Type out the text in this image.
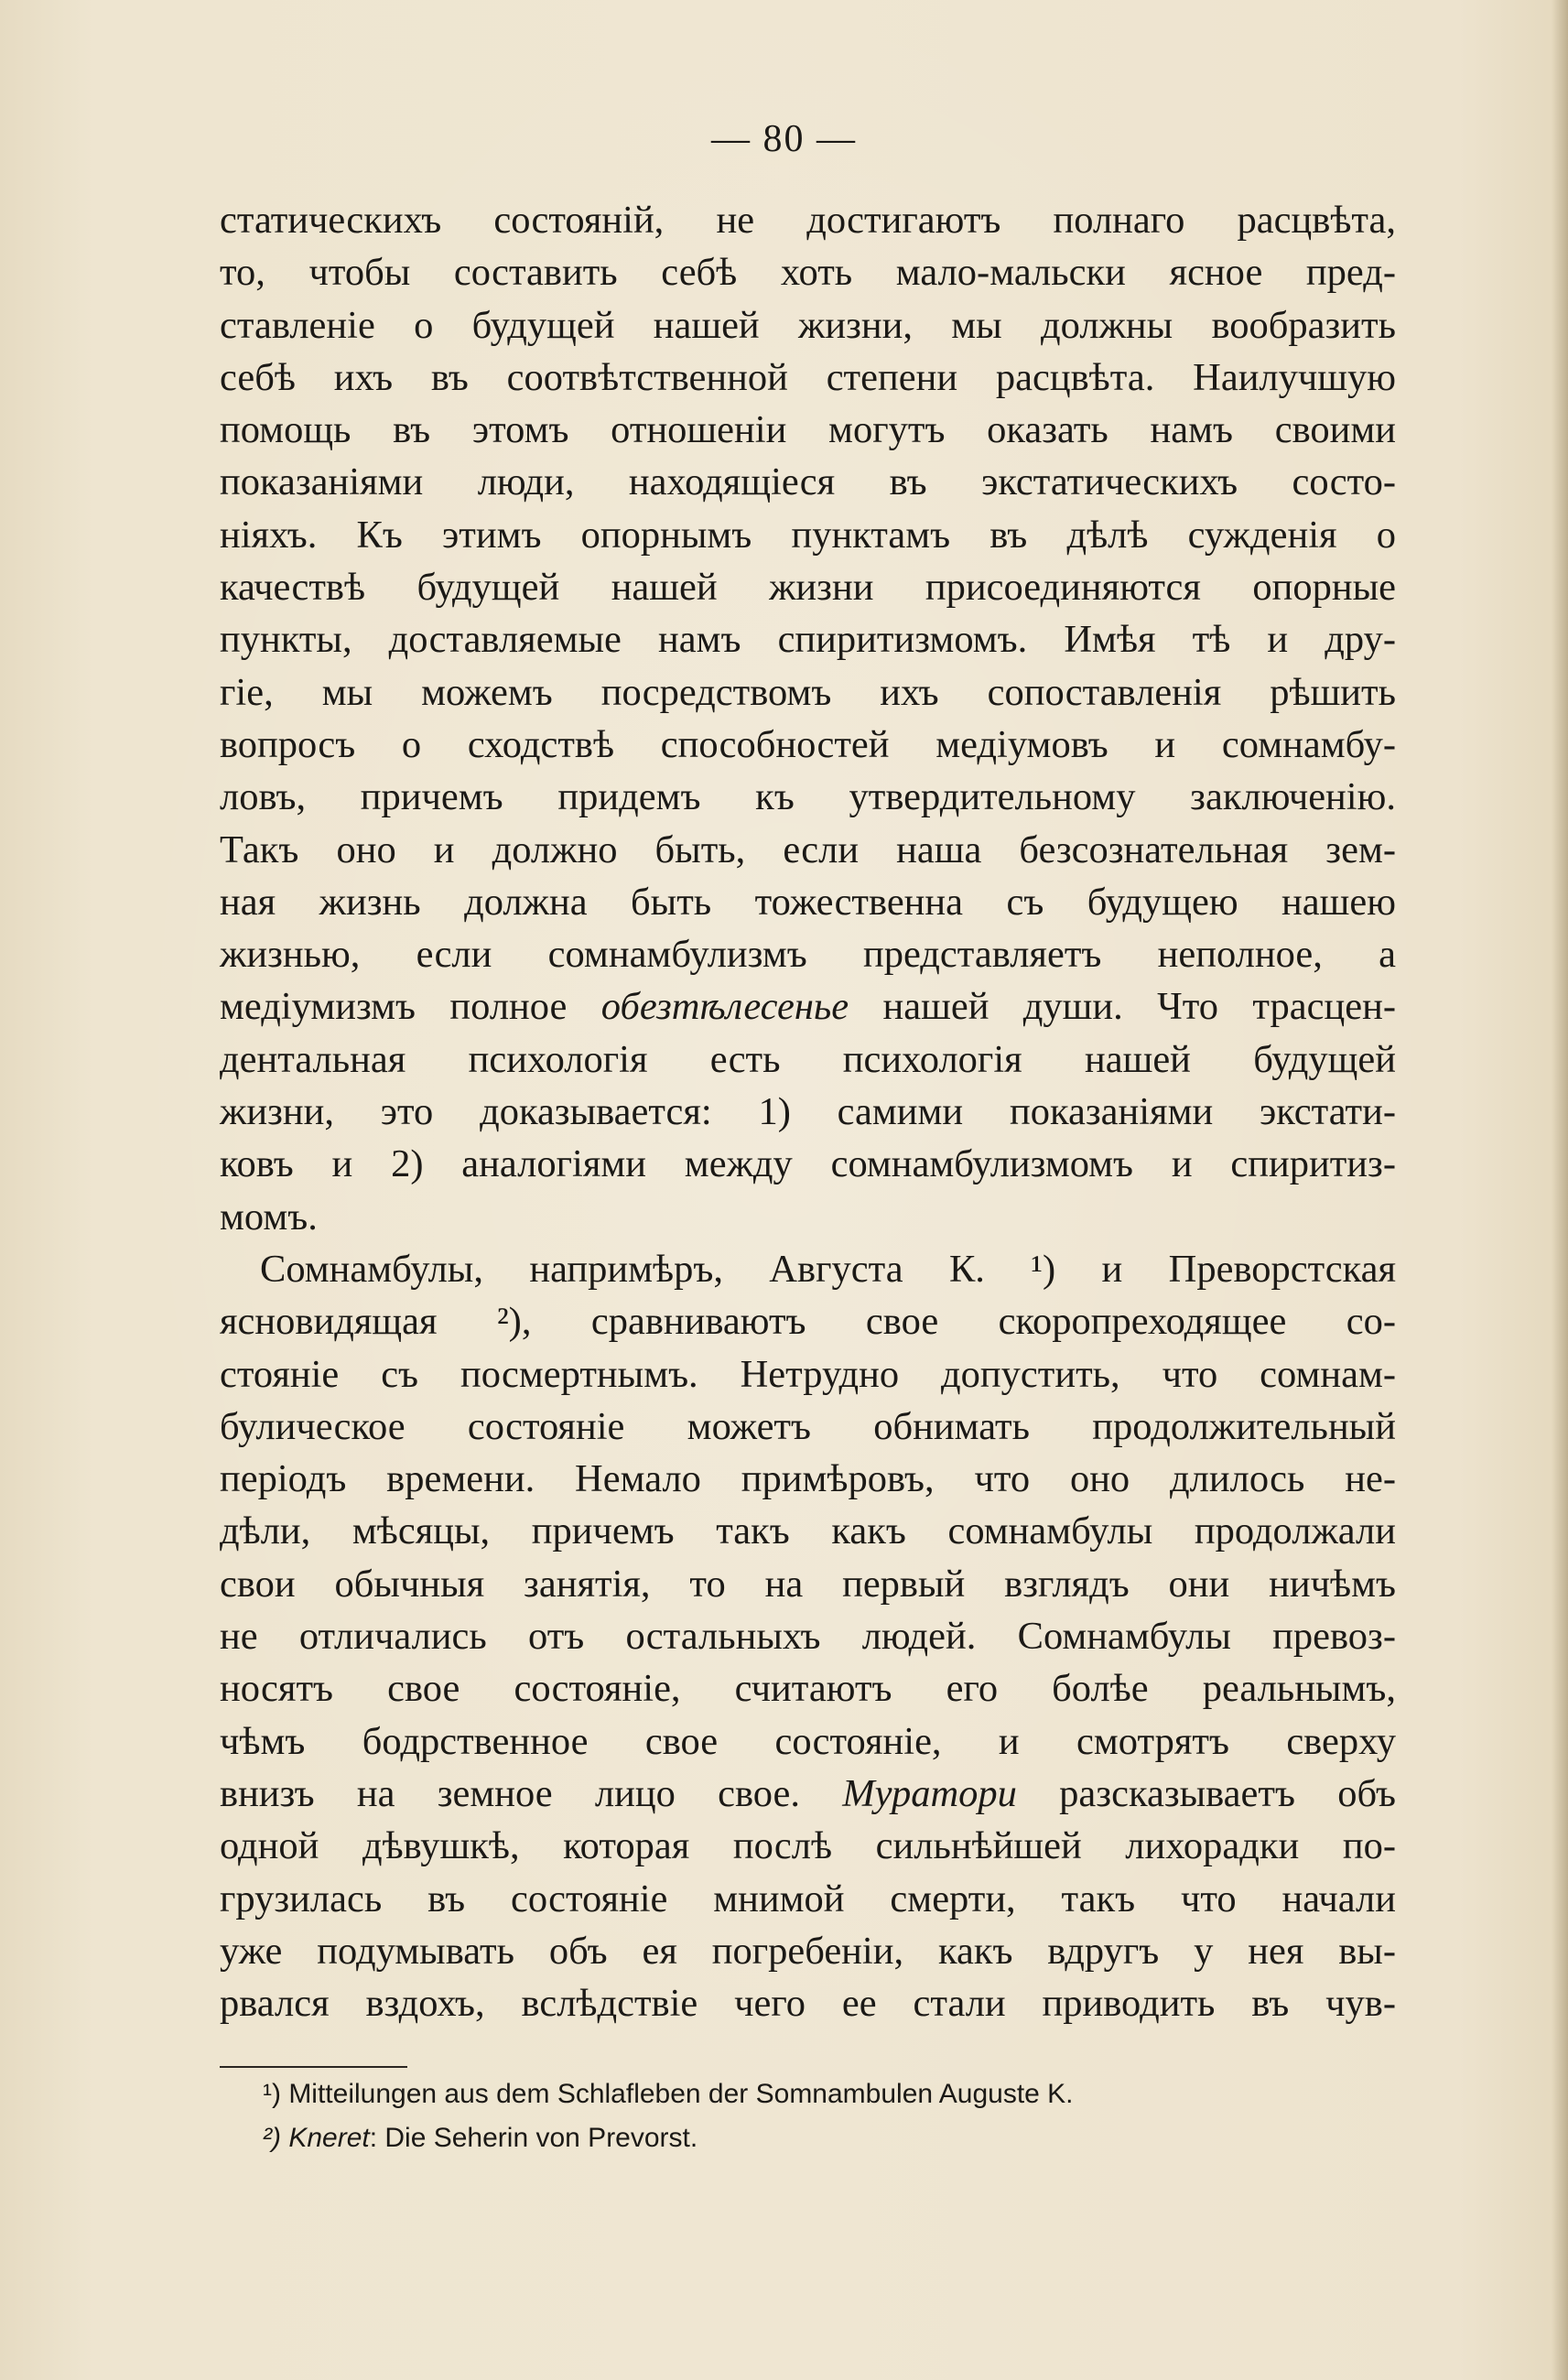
— 80 —
статическихъ состоянiй, не достигаютъ полнаго расцвѣта,
то, чтобы составить себѣ хоть мало-мальски ясное пред-
ставленiе о будущей нашей жизни, мы должны вообразить
себѣ ихъ въ соотвѣтственной степени расцвѣта. Наилучшую
помощь въ этомъ отношенiи могутъ оказать намъ своими
показанiями люди, находящiеся въ экстатическихъ состо-
нiяхъ. Къ этимъ опорнымъ пунктамъ въ дѣлѣ сужденiя о
качествѣ будущей нашей жизни присоединяются опорные
пункты, доставляемые намъ спиритизмомъ. Имѣя тѣ и дру-
гiе, мы можемъ посредствомъ ихъ сопоставленiя рѣшить
вопросъ о сходствѣ способностей медiумовъ и сомнамбу-
ловъ, причемъ придемъ къ утвердительному заключенiю.
Такъ оно и должно быть, если наша безсознательная зем-
ная жизнь должна быть тожественна съ будущею нашею
жизнью, если сомнамбулизмъ представляетъ неполное, а
медiумизмъ полное обезтѣлесенье нашей души. Что трасцен-
дентальная психологiя есть психологiя нашей будущей
жизни, это доказывается: 1) самими показанiями экстати-
ковъ и 2) аналогiями между сомнамбулизмомъ и спиритиз-
момъ.
Сомнамбулы, напримѣръ, Августа К. ¹) и Преворстская
ясновидящая ²), сравниваютъ свое скоропреходящее со-
стоянiе съ посмертнымъ. Нетрудно допустить, что сомнам-
булическое состоянiе можетъ обнимать продолжительный
перiодъ времени. Немало примѣровъ, что оно длилось не-
дѣли, мѣсяцы, причемъ такъ какъ сомнамбулы продолжали
свои обычныя занятiя, то на первый взглядъ они ничѣмъ
не отличались отъ остальныхъ людей. Сомнамбулы превоз-
носятъ свое состоянiе, считаютъ его болѣе реальнымъ,
чѣмъ бодрственное свое состоянiе, и смотрятъ сверху
внизъ на земное лицо свое. Муратори разсказываетъ объ
одной дѣвушкѣ, которая послѣ сильнѣйшей лихорадки по-
грузилась въ состоянiе мнимой смерти, такъ что начали
уже подумывать объ ея погребенiи, какъ вдругъ у нея вы-
рвался вздохъ, вслѣдствiе чего ее стали приводить въ чув-
¹) Mitteilungen aus dem Schlafleben der Somnambulen Auguste K.
²) Kneret: Die Seherin von Prevorst.
